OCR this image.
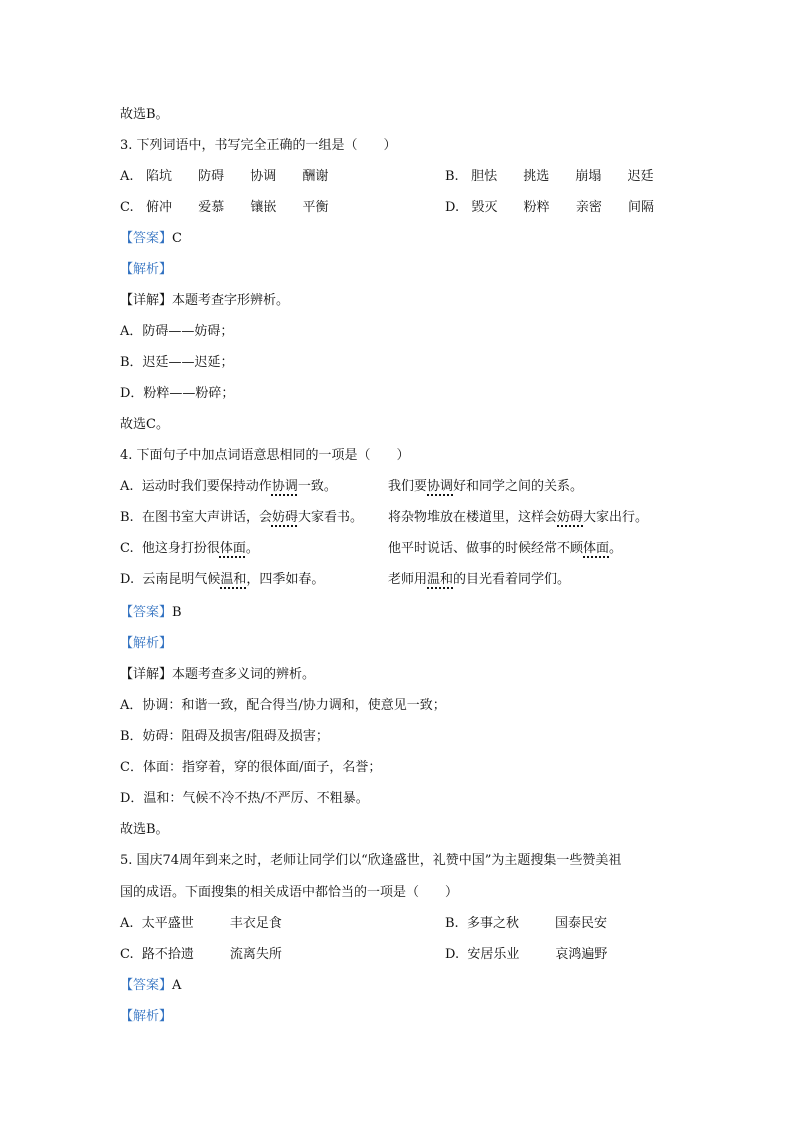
故选B。
3. 下列词语中，书写完全正确的一组是（　　）
A. 陷坑 防碍 协调 酬谢	B. 胆怯 挑选 崩塌 迟廷
C. 俯冲 爱慕 镶嵌 平衡	D. 毁灭 粉粹 亲密 间隔
【答案】C
【解析】
【详解】本题考查字形辨析。
A．防碍——妨碍；
B．迟廷——迟延；
D．粉粹——粉碎；
故选C。
4. 下面句子中加点词语意思相同的一项是（　　）
A. 运动时我们要保持动作协调一致。	我们要协调好和同学之间的关系。
B. 在图书室大声讲话，会妨碍大家看书。 将杂物堆放在楼道里，这样会妨碍大家出行。
C. 他这身打扮很体面。	他平时说话、做事的时候经常不顾体面。
D. 云南昆明气候温和，四季如春。	老师用温和的目光看着同学们。
【答案】B
【解析】
【详解】本题考查多义词的辨析。
A．协调：和谐一致，配合得当/协力调和，使意见一致；
B．妨碍：阻碍及损害/阻碍及损害；
C．体面：指穿着，穿的很体面/面子，名誉；
D．温和：气候不冷不热/不严厉、不粗暴。
故选B。
5. 国庆74周年到来之时，老师让同学们以“欣逢盛世，礼赞中国”为主题搜集一些赞美祖
国的成语。下面搜集的相关成语中都恰当的一项是（　　）
A. 太平盛世	丰衣足食	B. 多事之秋	国泰民安
C. 路不拾遗	流离失所	D. 安居乐业	哀鸿遍野
【答案】A
【解析】
